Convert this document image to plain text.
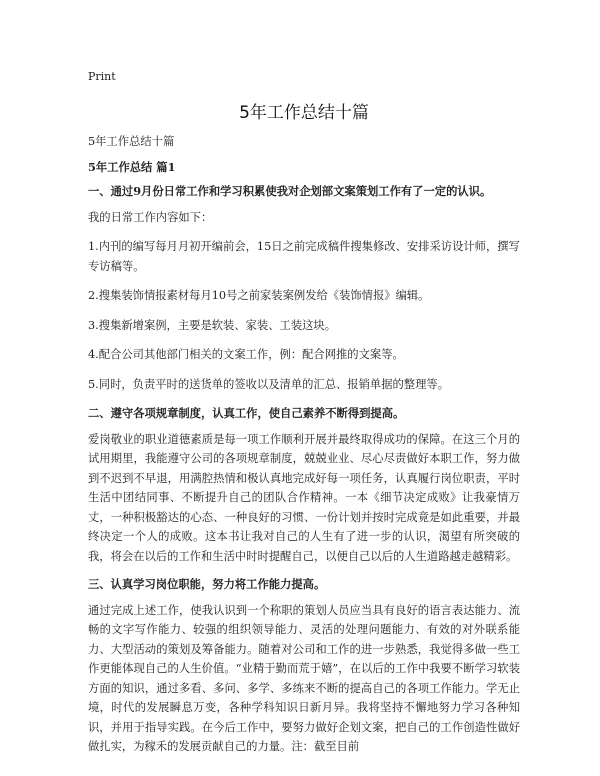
Print
5年工作总结十篇

5年工作总结十篇

5年工作总结 篇1

一、通过9月份日常工作和学习积累使我对企划部文案策划工作有了一定的认识。

我的日常工作内容如下：

1.内刊的编写每月月初开编前会，15日之前完成稿件搜集修改、安排采访设计师，撰写专访稿等。

2.搜集装饰情报素材每月10号之前家装案例发给《装饰情报》编辑。

3.搜集新增案例，主要是软装、家装、工装这块。

4.配合公司其他部门相关的文案工作，例：配合网推的文案等。

5.同时，负责平时的送货单的签收以及清单的汇总、报销单据的整理等。

二、遵守各项规章制度，认真工作，使自己素养不断得到提高。

爱岗敬业的职业道德素质是每一项工作顺利开展并最终取得成功的保障。在这三个月的试用期里，我能遵守公司的各项规章制度，兢兢业业、尽心尽责做好本职工作，努力做到不迟到不早退，用满腔热情和极认真地完成好每一项任务，认真履行岗位职责，平时生活中团结同事、不断提升自己的团队合作精神。一本《细节决定成败》让我豪情万丈，一种积极豁达的心态、一种良好的习惯、一份计划并按时完成竟是如此重要，并最终决定一个人的成败。这本书让我对自己的人生有了进一步的认识，渴望有所突破的我，将会在以后的工作和生活中时时提醒自己，以便自己以后的人生道路越走越精彩。

三、认真学习岗位职能，努力将工作能力提高。

通过完成上述工作，使我认识到一个称职的策划人员应当具有良好的语言表达能力、流畅的文字写作能力、较强的组织领导能力、灵活的处理问题能力、有效的对外联系能力、大型活动的策划及筹备能力。随着对公司和工作的进一步熟悉，我觉得多做一些工作更能体现自己的人生价值。“业精于勤而荒于嬉”，在以后的工作中我要不断学习软装方面的知识，通过多看、多问、多学、多练来不断的提高自己的各项工作能力。学无止境，时代的发展瞬息万变，各种学科知识日新月异。我将坚持不懈地努力学习各种知识，并用于指导实践。在今后工作中，要努力做好企划文案，把自己的工作创造性做好做扎实，为稼禾的发展贡献自己的力量。注：截至目前
